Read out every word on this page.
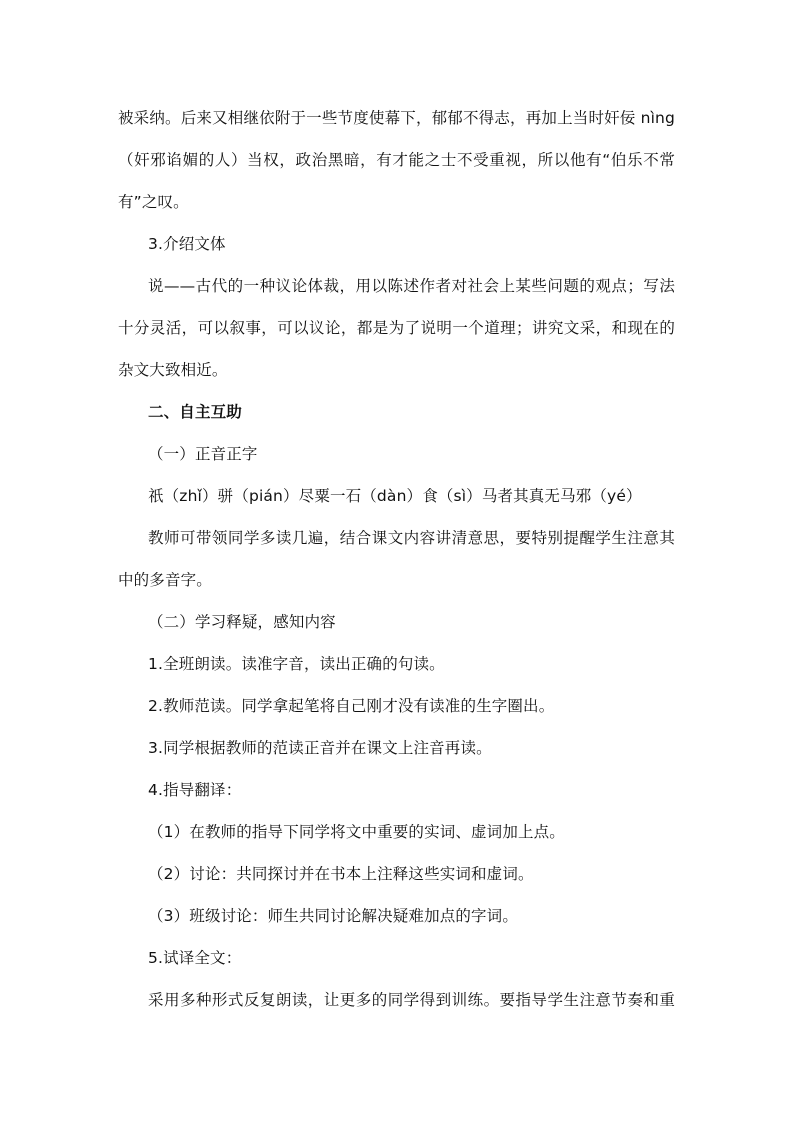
被采纳。后来又相继依附于一些节度使幕下，郁郁不得志，再加上当时奸佞 nìng
（奸邪谄媚的人）当权，政治黑暗，有才能之士不受重视，所以他有“伯乐不常
有”之叹。
3.介绍文体
说——古代的一种议论体裁，用以陈述作者对社会上某些问题的观点；写法
十分灵活，可以叙事，可以议论，都是为了说明一个道理；讲究文采，和现在的
杂文大致相近。
二、自主互助
（一）正音正字
祇（zhǐ）骈（pián）尽粟一石（dàn）食（sì）马者其真无马邪（yé）
教师可带领同学多读几遍，结合课文内容讲清意思，要特别提醒学生注意其
中的多音字。
（二）学习释疑，感知内容
1.全班朗读。读准字音，读出正确的句读。
2.教师范读。同学拿起笔将自己刚才没有读准的生字圈出。
3.同学根据教师的范读正音并在课文上注音再读。
4.指导翻译：
（1）在教师的指导下同学将文中重要的实词、虚词加上点。
（2）讨论：共同探讨并在书本上注释这些实词和虚词。
（3）班级讨论：师生共同讨论解决疑难加点的字词。
5.试译全文：
采用多种形式反复朗读，让更多的同学得到训练。要指导学生注意节奏和重
